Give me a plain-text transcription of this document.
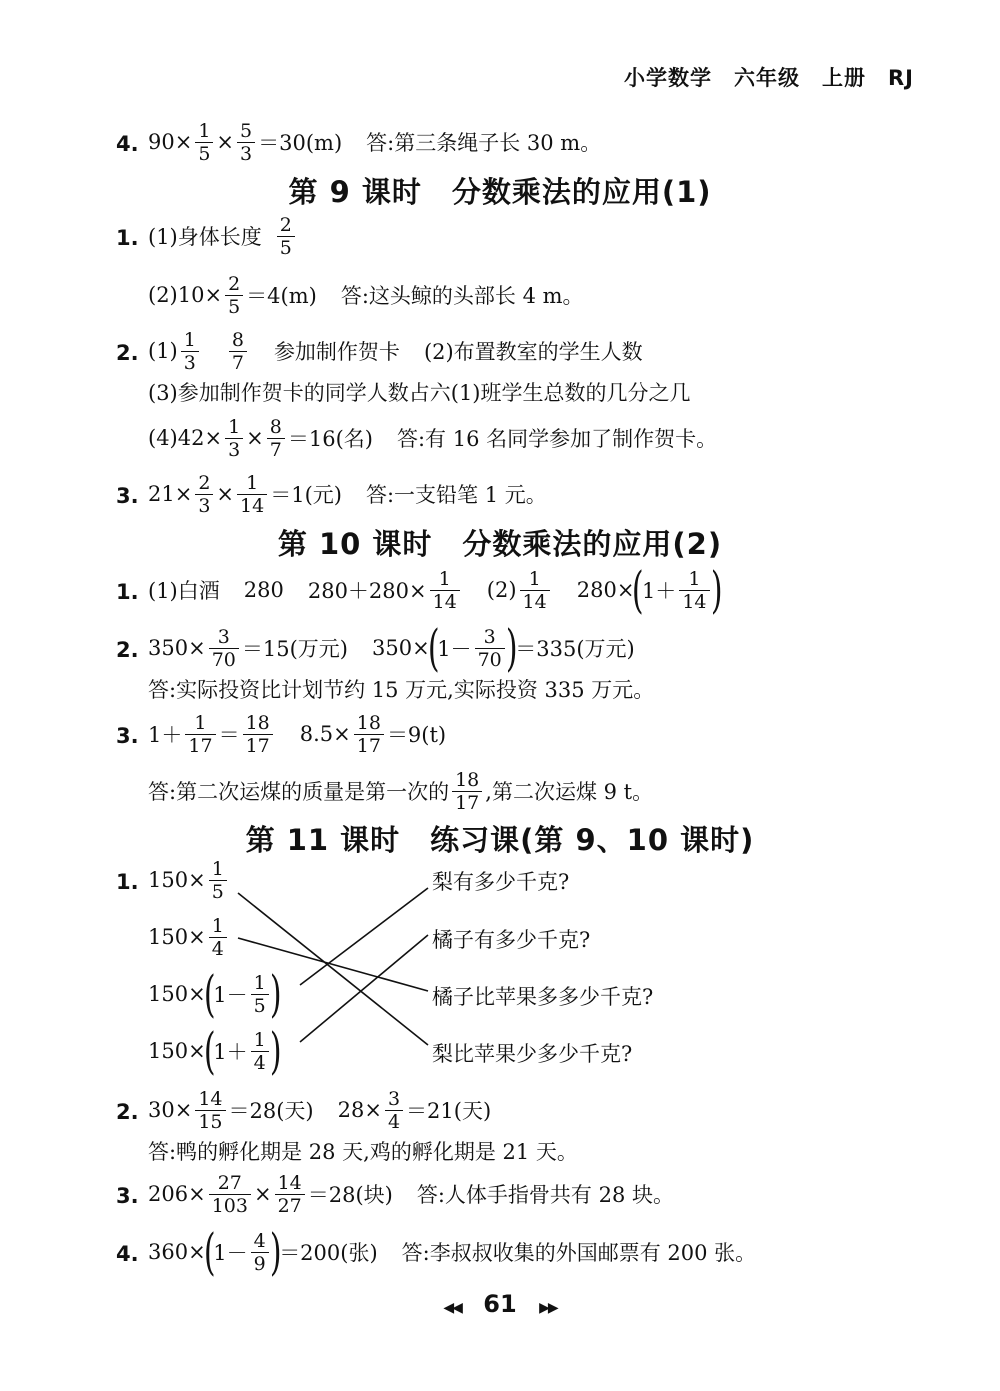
小学数学　六年级　上册　RJ
4. $90\times \frac{1}{5} \times \frac{5}{3} =30(m)$ 答:第三条绳子长 30 m。
第 9 课时　分数乘法的应用(1)
1. (1)身体长度 $\frac{2}{5}$
$(2)10\times \frac{2}{5} =4(m)$ 答:这头鲸的头部长 4 m。
2. $(1) \frac{1}{3} \frac{8}{7}$ 参加制作贺卡 (2)布置教室的学生人数
(3)参加制作贺卡的同学人数占六(1)班学生总数的几分之几
$(4)42\times \frac{1}{3} \times \frac{8}{7} =16$(名) 答:有 16 名同学参加了制作贺卡。
3. $21\times \frac{2}{3} \times \frac{1}{14} =1$(元) 答:一支铅笔 1 元。
第 10 课时　分数乘法的应用(2)
1. (1)白酒 280 $280+280\times \frac{1}{14} (2) \frac{1}{14} 280\times$
(
$1+ \frac{1}{14}$ )
2. $350\times \frac{3}{70} =15$(万元) 350×
(
$1- \frac{3}{70}$ )
＝335(万元)
答:实际投资比计划节约 15 万元,实际投资 335 万元。
3. $1+ \frac{1}{17} = \frac{18}{17} 8.5\times \frac{18}{17} =9(t)$
答:第二次运煤的质量是第一次的 $\frac{18}{17}$ ,第二次运煤 9 t。
第 11 课时　练习课(第 9、10 课时)
1. $150\times \frac{1}{5}$
$150\times \frac{1}{4}$
150×
(
$1- \frac{1}{5}$ )
150×
(
$1+ \frac{1}{4}$ )
梨有多少千克?
橘子有多少千克?
橘子比苹果多多少千克?
梨比苹果少多少千克?
2. $30\times \frac{14}{15} =28$(天) $28\times \frac{3}{4} =21$(天)
答:鸭的孵化期是 28 天,鸡的孵化期是 21 天。
3. $206\times \frac{27}{103} \times \frac{14}{27} =28$(块) 答:人体手指骨共有 28 块。
4. 360×
(
$1- \frac{4}{9}$ )
＝200(张) 答:李叔叔收集的外国邮票有 200 张。
◀◀ 61 ▶▶
